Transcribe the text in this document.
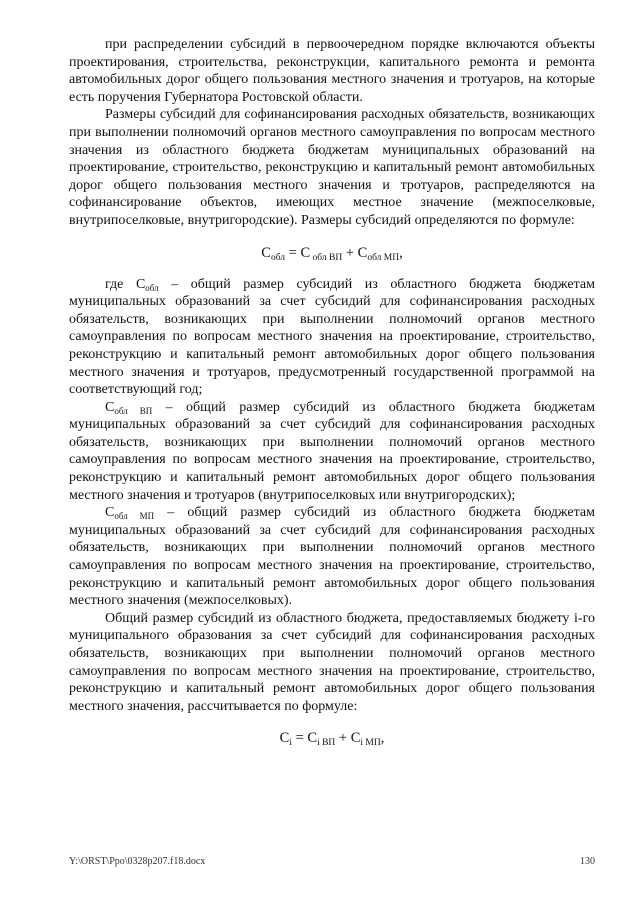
при распределении субсидий в первоочередном порядке включаются объекты проектирования, строительства, реконструкции, капитального ремонта и ремонта автомобильных дорог общего пользования местного значения и тротуаров, на которые есть поручения Губернатора Ростовской области.

Размеры субсидий для софинансирования расходных обязательств, возникающих при выполнении полномочий органов местного самоуправления по вопросам местного значения из областного бюджета бюджетам муниципальных образований на проектирование, строительство, реконструкцию и капитальный ремонт автомобильных дорог общего пользования местного значения и тротуаров, распределяются на софинансирование объектов, имеющих местное значение (межпоселковые, внутрипоселковые, внутригородские). Размеры субсидий определяются по формуле:

$С_{обл} = С$ $_{обл ВП} + С_{обл МП}$,

где $С_{обл}$ – общий размер субсидий из областного бюджета бюджетам муниципальных образований за счет субсидий для софинансирования расходных обязательств, возникающих при выполнении полномочий органов местного самоуправления по вопросам местного значения на проектирование, строительство, реконструкцию и капитальный ремонт автомобильных дорог общего пользования местного значения и тротуаров, предусмотренный государственной программой на соответствующий год;

$С_{обл ВП}$ – общий размер субсидий из областного бюджета бюджетам муниципальных образований за счет субсидий для софинансирования расходных обязательств, возникающих при выполнении полномочий органов местного самоуправления по вопросам местного значения на проектирование, строительство, реконструкцию и капитальный ремонт автомобильных дорог общего пользования местного значения и тротуаров (внутрипоселковых или внутригородских);

$С_{обл МП}$ – общий размер субсидий из областного бюджета бюджетам муниципальных образований за счет субсидий для софинансирования расходных обязательств, возникающих при выполнении полномочий органов местного самоуправления по вопросам местного значения на проектирование, строительство, реконструкцию и капитальный ремонт автомобильных дорог общего пользования местного значения (межпоселковых).

Общий размер субсидий из областного бюджета, предоставляемых бюджету i-го муниципального образования за счет субсидий для софинансирования расходных обязательств, возникающих при выполнении полномочий органов местного самоуправления по вопросам местного значения на проектирование, строительство, реконструкцию и капитальный ремонт автомобильных дорог общего пользования местного значения, рассчитывается по формуле:

$С_i = С_{i ВП} + С_{i МП}$,

Y:\ORST\Ppo\0328p207.f18.docx	130
